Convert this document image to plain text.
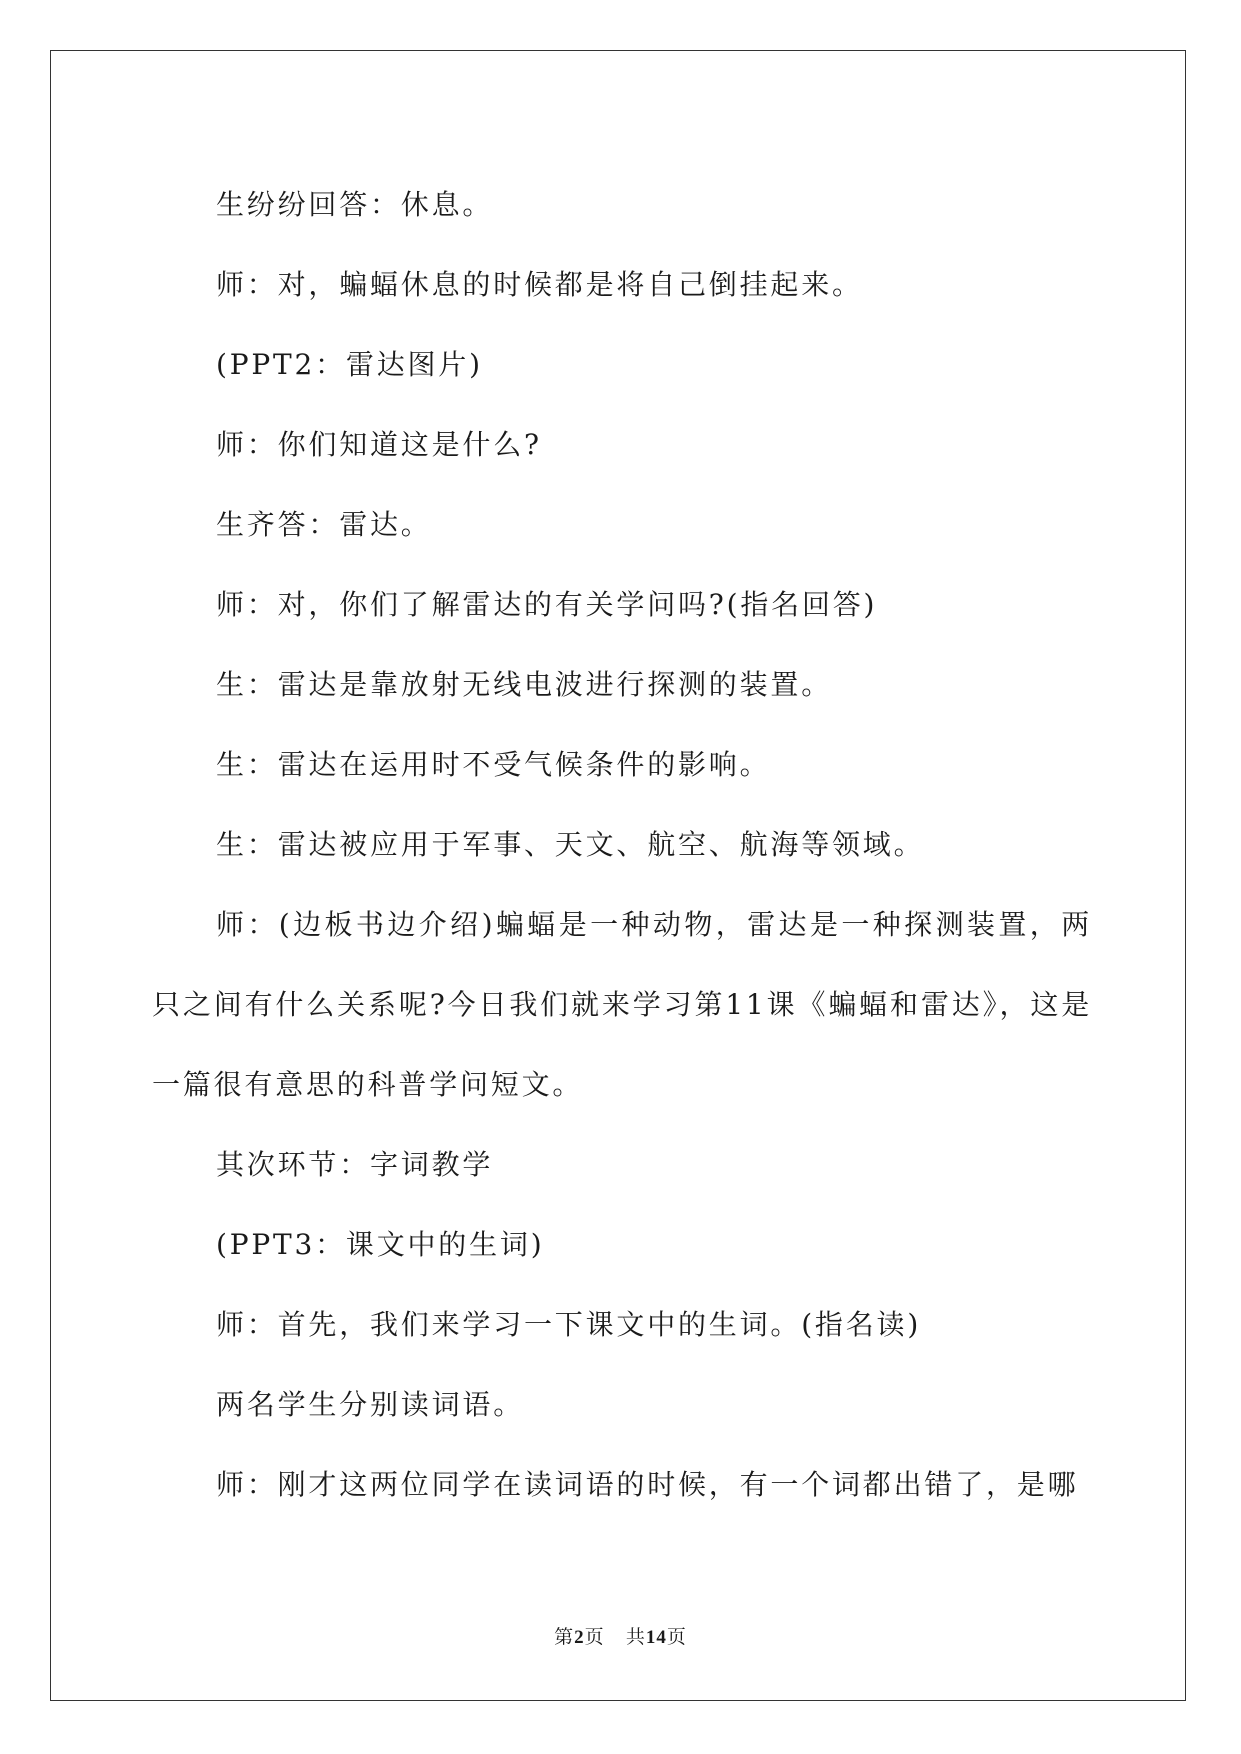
生纷纷回答：休息。
师：对，蝙蝠休息的时候都是将自己倒挂起来。
(PPT2：雷达图片)
师：你们知道这是什么?
生齐答：雷达。
师：对，你们了解雷达的有关学问吗?(指名回答)
生：雷达是靠放射无线电波进行探测的装置。
生：雷达在运用时不受气候条件的影响。
生：雷达被应用于军事、天文、航空、航海等领域。
师：(边板书边介绍)蝙蝠是一种动物，雷达是一种探测装置，两只之间有什么关系呢?今日我们就来学习第11课《蝙蝠和雷达》，这是一篇很有意思的科普学问短文。
其次环节：字词教学
(PPT3：课文中的生词)
师：首先，我们来学习一下课文中的生词。(指名读)
两名学生分别读词语。
师：刚才这两位同学在读词语的时候，有一个词都出错了，是哪
第2页 共14页
